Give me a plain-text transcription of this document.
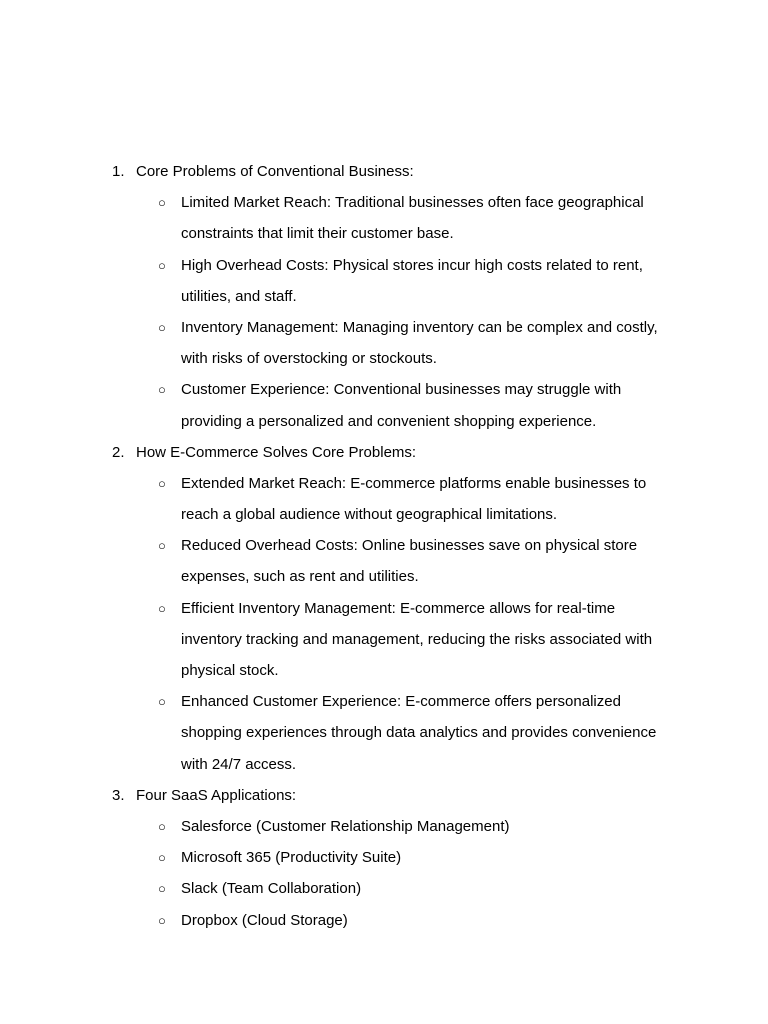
1. Core Problems of Conventional Business:
○ Limited Market Reach: Traditional businesses often face geographical
constraints that limit their customer base.
○ High Overhead Costs: Physical stores incur high costs related to rent,
utilities, and staff.
○ Inventory Management: Managing inventory can be complex and costly,
with risks of overstocking or stockouts.
○ Customer Experience: Conventional businesses may struggle with
providing a personalized and convenient shopping experience.
2. How E-Commerce Solves Core Problems:
○ Extended Market Reach: E-commerce platforms enable businesses to
reach a global audience without geographical limitations.
○ Reduced Overhead Costs: Online businesses save on physical store
expenses, such as rent and utilities.
○ Efficient Inventory Management: E-commerce allows for real-time
inventory tracking and management, reducing the risks associated with
physical stock.
○ Enhanced Customer Experience: E-commerce offers personalized
shopping experiences through data analytics and provides convenience
with 24/7 access.
3. Four SaaS Applications:
○ Salesforce (Customer Relationship Management)
○ Microsoft 365 (Productivity Suite)
○ Slack (Team Collaboration)
○ Dropbox (Cloud Storage)
